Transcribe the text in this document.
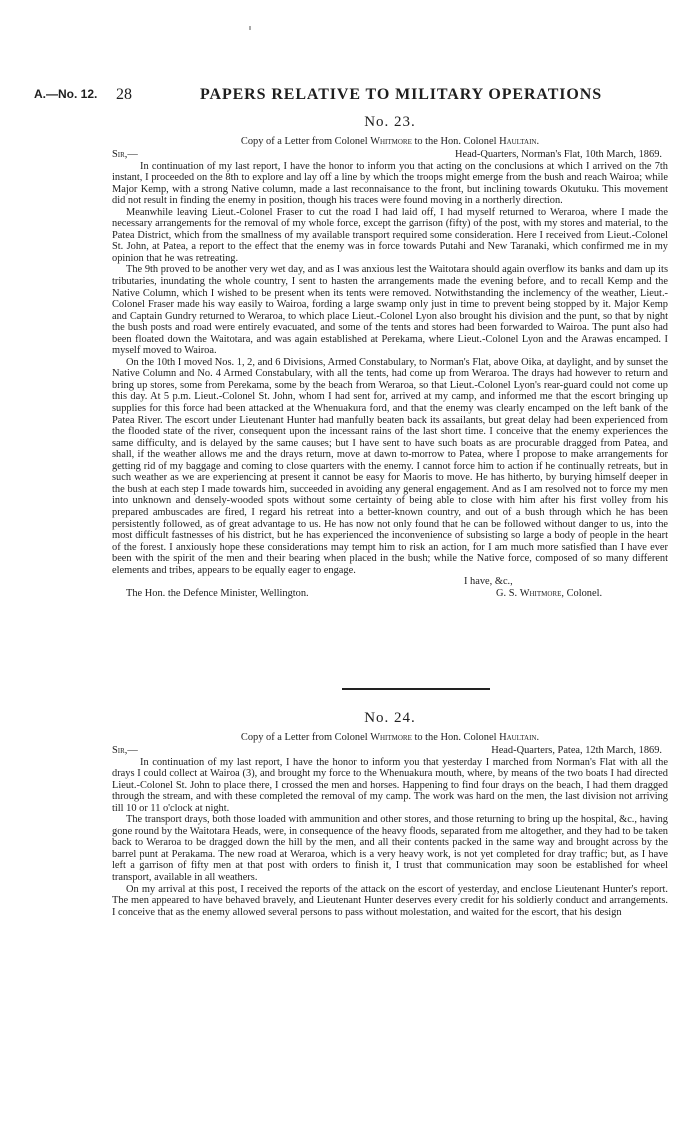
A.—No. 12. 28	PAPERS RELATIVE TO MILITARY OPERATIONS
No. 23.
Copy of a Letter from Colonel Whitmore to the Hon. Colonel Haultain.
Sir,—	Head-Quarters, Norman's Flat, 10th March, 1869.

In continuation of my last report, I have the honor to inform you that acting on the conclusions at which I arrived on the 7th instant, I proceeded on the 8th to explore and lay off a line by which the troops might emerge from the bush and reach Wairoa; while Major Kemp, with a strong Native column, made a last reconnaisance to the front, but inclining towards Okutuku. This movement did not result in finding the enemy in position, though his traces were found moving in a northerly direction.

Meanwhile leaving Lieut.-Colonel Fraser to cut the road I had laid off, I had myself returned to Weraroa, where I made the necessary arrangements for the removal of my whole force, except the garrison (fifty) of the post, with my stores and material, to the Patea District, which from the smallness of my available transport required some consideration. Here I received from Lieut.-Colonel St. John, at Patea, a report to the effect that the enemy was in force towards Putahi and New Taranaki, which confirmed me in my opinion that he was retreating.

The 9th proved to be another very wet day, and as I was anxious lest the Waitotara should again overflow its banks and dam up its tributaries, inundating the whole country, I sent to hasten the arrangements made the evening before, and to recall Kemp and the Native Column, which I wished to be present when its tents were removed. Notwithstanding the inclemency of the weather, Lieut.-Colonel Fraser made his way easily to Wairoa, fording a large swamp only just in time to prevent being stopped by it. Major Kemp and Captain Gundry returned to Weraroa, to which place Lieut.-Colonel Lyon also brought his division and the punt, so that by night the bush posts and road were entirely evacuated, and some of the tents and stores had been forwarded to Wairoa. The punt also had been floated down the Waitotara, and was again established at Perekama, where Lieut.-Colonel Lyon and the Arawas encamped. I myself moved to Wairoa.

On the 10th I moved Nos. 1, 2, and 6 Divisions, Armed Constabulary, to Norman's Flat, above Oika, at daylight, and by sunset the Native Column and No. 4 Armed Constabulary, with all the tents, had come up from Weraroa. The drays had however to return and bring up stores, some from Perekama, some by the beach from Weraroa, so that Lieut.-Colonel Lyon's rear-guard could not come up this day. At 5 p.m. Lieut.-Colonel St. John, whom I had sent for, arrived at my camp, and informed me that the escort bringing up supplies for this force had been attacked at the Whenuakura ford, and that the enemy was clearly encamped on the left bank of the Patea River. The escort under Lieutenant Hunter had manfully beaten back its assailants, but great delay had been experienced from the flooded state of the river, consequent upon the incessant rains of the last short time. I conceive that the enemy experiences the same difficulty, and is delayed by the same causes; but I have sent to have such boats as are procurable dragged from Patea, and shall, if the weather allows me and the drays return, move at dawn to-morrow to Patea, where I propose to make arrangements for getting rid of my baggage and coming to close quarters with the enemy. I cannot force him to action if he continually retreats, but in such weather as we are experiencing at present it cannot be easy for Maoris to move. He has hitherto, by burying himself deeper in the bush at each step I made towards him, succeeded in avoiding any general engagement. And as I am resolved not to force my men into unknown and densely-wooded spots without some certainty of being able to close with him after his first volley from his prepared ambuscades are fired, I regard his retreat into a better-known country, and out of a bush through which he has been persistently followed, as of great advantage to us. He has now not only found that he can be followed without danger to us, into the most difficult fastnesses of his district, but he has experienced the inconvenience of subsisting so large a body of people in the heart of the forest. I anxiously hope these considerations may tempt him to risk an action, for I am much more satisfied than I have ever been with the spirit of the men and their bearing when placed in the bush; while the Native force, composed of so many different elements and tribes, appears to be equally eager to engage.

I have, &c.,
The Hon. the Defence Minister, Wellington.	G. S. Whitmore, Colonel.
No. 24.
Copy of a Letter from Colonel Whitmore to the Hon. Colonel Haultain.
Sir,—	Head-Quarters, Patea, 12th March, 1869.

In continuation of my last report, I have the honor to inform you that yesterday I marched from Norman's Flat with all the drays I could collect at Wairoa (3), and brought my force to the Whenuakura mouth, where, by means of the two boats I had directed Lieut.-Colonel St. John to place there, I crossed the men and horses. Happening to find four drays on the beach, I had them dragged through the stream, and with these completed the removal of my camp. The work was hard on the men, the last division not arriving till 10 or 11 o'clock at night.

The transport drays, both those loaded with ammunition and other stores, and those returning to bring up the hospital, &c., having gone round by the Waitotara Heads, were, in consequence of the heavy floods, separated from me altogether, and they had to be taken back to Weraroa to be dragged down the hill by the men, and all their contents packed in the same way and brought across by the barrel punt at Perakama. The new road at Weraroa, which is a very heavy work, is not yet completed for dray traffic; but, as I have left a garrison of fifty men at that post with orders to finish it, I trust that communication may soon be established for wheel transport, available in all weathers.

On my arrival at this post, I received the reports of the attack on the escort of yesterday, and enclose Lieutenant Hunter's report. The men appeared to have behaved bravely, and Lieutenant Hunter deserves every credit for his soldierly conduct and arrangements. I conceive that as the enemy allowed several persons to pass without molestation, and waited for the escort, that his design
